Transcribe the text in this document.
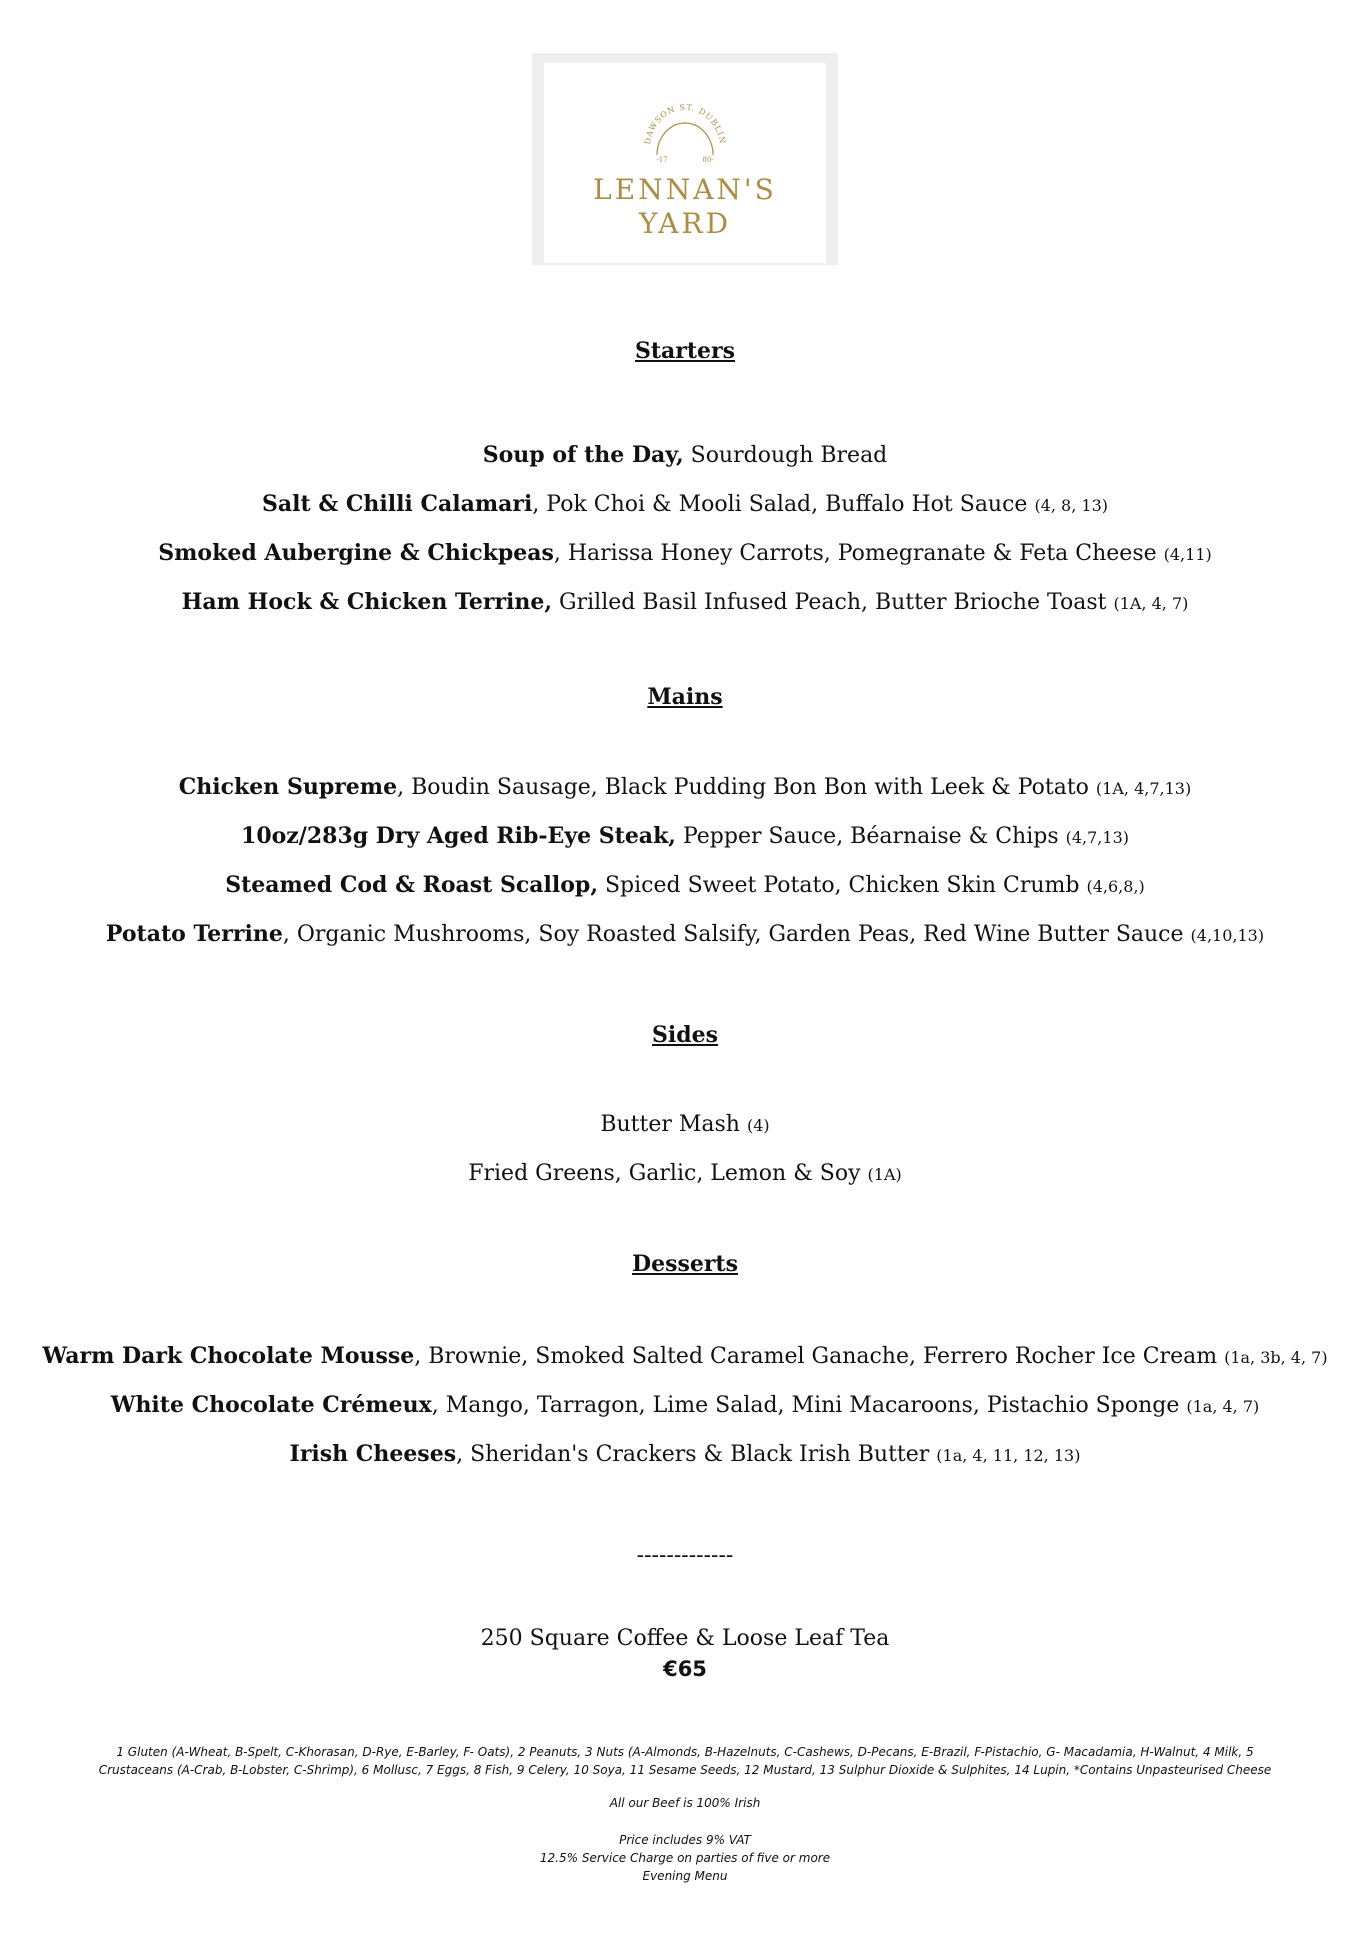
DAWSON ST. DUBLIN
-17	80-
LENNAN'S
YARD
Starters
Soup of the Day, Sourdough Bread
Salt & Chilli Calamari, Pok Choi & Mooli Salad, Buffalo Hot Sauce (4, 8, 13)
Smoked Aubergine & Chickpeas, Harissa Honey Carrots, Pomegranate & Feta Cheese (4,11)
Ham Hock & Chicken Terrine, Grilled Basil Infused Peach, Butter Brioche Toast (1A, 4, 7)
Mains
Chicken Supreme, Boudin Sausage, Black Pudding Bon Bon with Leek & Potato (1A, 4,7,13)
10oz/283g Dry Aged Rib-Eye Steak, Pepper Sauce, Béarnaise & Chips (4,7,13)
Steamed Cod & Roast Scallop, Spiced Sweet Potato, Chicken Skin Crumb (4,6,8,)
Potato Terrine, Organic Mushrooms, Soy Roasted Salsify, Garden Peas, Red Wine Butter Sauce (4,10,13)
Sides
Butter Mash (4)
Fried Greens, Garlic, Lemon & Soy (1A)
Desserts
Warm Dark Chocolate Mousse, Brownie, Smoked Salted Caramel Ganache, Ferrero Rocher Ice Cream (1a, 3b, 4, 7)
White Chocolate Crémeux, Mango, Tarragon, Lime Salad, Mini Macaroons, Pistachio Sponge (1a, 4, 7)
Irish Cheeses, Sheridan's Crackers & Black Irish Butter (1a, 4, 11, 12, 13)
-------------
250 Square Coffee & Loose Leaf Tea
€65
1 Gluten (A-Wheat, B-Spelt, C-Khorasan, D-Rye, E-Barley, F- Oats), 2 Peanuts, 3 Nuts (A-Almonds, B-Hazelnuts, C-Cashews, D-Pecans, E-Brazil, F-Pistachio, G- Macadamia, H-Walnut, 4 Milk, 5
Crustaceans (A-Crab, B-Lobster, C-Shrimp), 6 Mollusc, 7 Eggs, 8 Fish, 9 Celery, 10 Soya, 11 Sesame Seeds, 12 Mustard, 13 Sulphur Dioxide & Sulphites, 14 Lupin, *Contains Unpasteurised Cheese
All our Beef is 100% Irish
Price includes 9% VAT
12.5% Service Charge on parties of five or more
Evening Menu
